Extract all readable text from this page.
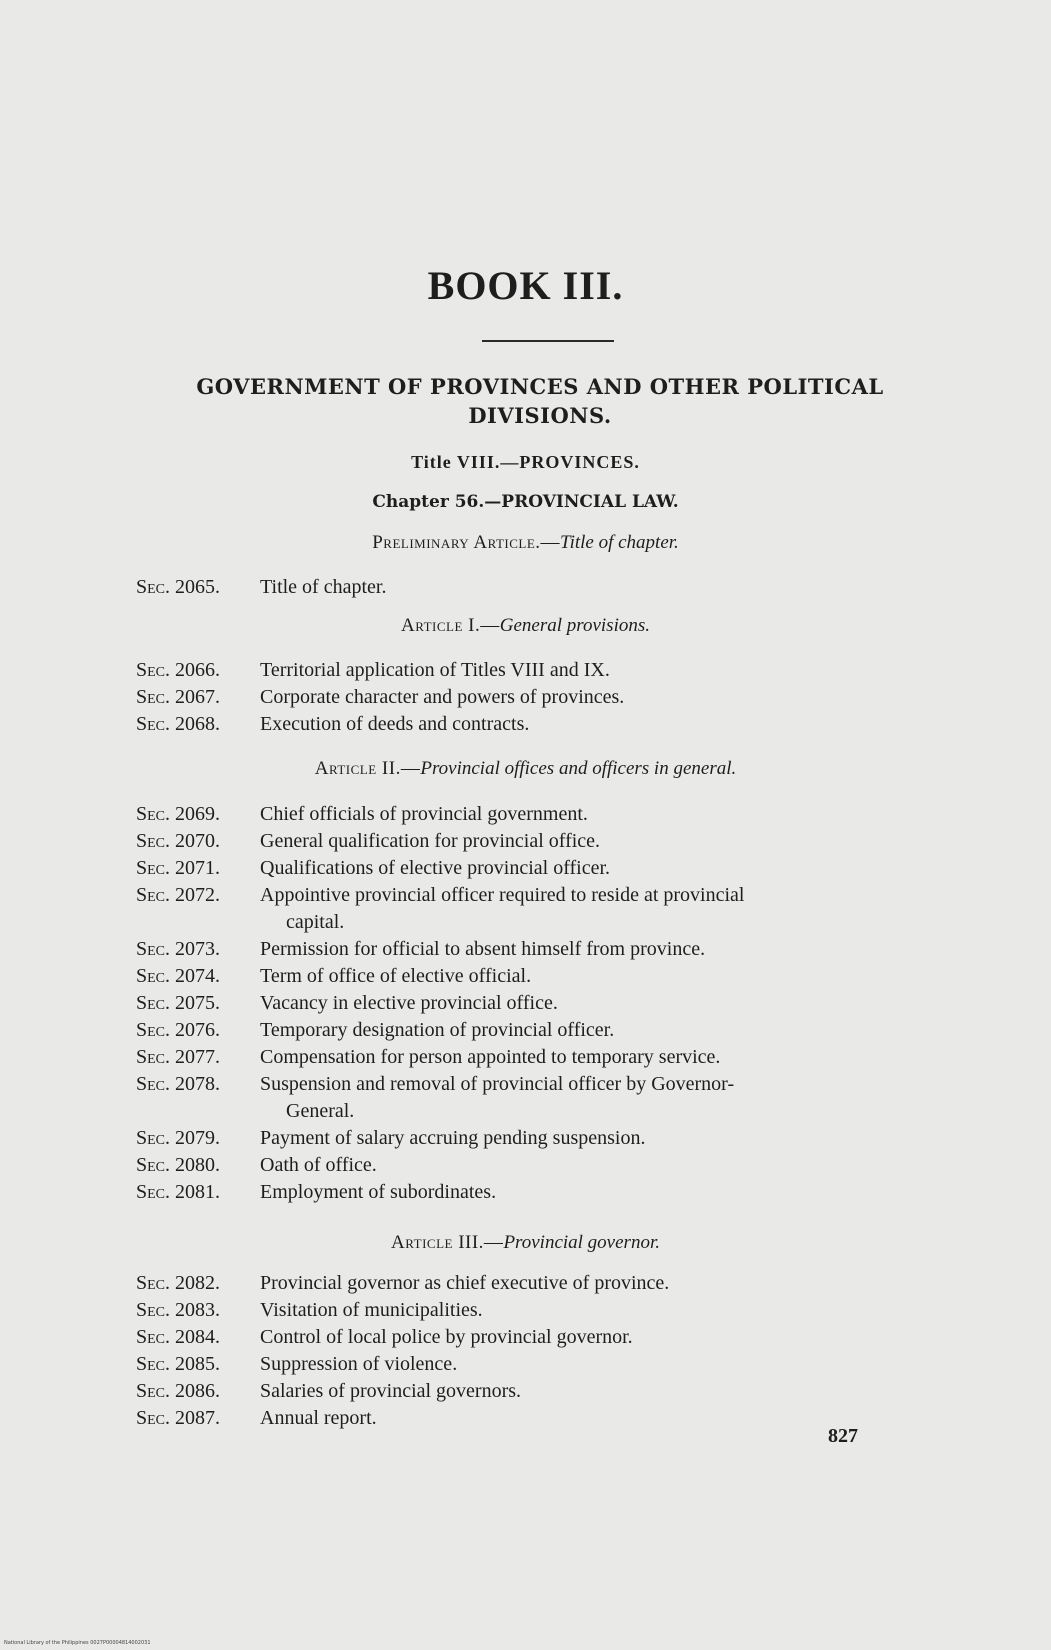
BOOK III.
GOVERNMENT OF PROVINCES AND OTHER POLITICAL DIVISIONS.
Title VIII.—PROVINCES.
Chapter 56.—PROVINCIAL LAW.
Preliminary Article.—Title of chapter.
Sec. 2065. Title of chapter.
Article I.—General provisions.
Sec. 2066. Territorial application of Titles VIII and IX.
Sec. 2067. Corporate character and powers of provinces.
Sec. 2068. Execution of deeds and contracts.
Article II.—Provincial offices and officers in general.
Sec. 2069. Chief officials of provincial government.
Sec. 2070. General qualification for provincial office.
Sec. 2071. Qualifications of elective provincial officer.
Sec. 2072. Appointive provincial officer required to reside at provincial
capital.
Sec. 2073. Permission for official to absent himself from province.
Sec. 2074. Term of office of elective official.
Sec. 2075. Vacancy in elective provincial office.
Sec. 2076. Temporary designation of provincial officer.
Sec. 2077. Compensation for person appointed to temporary service.
Sec. 2078. Suspension and removal of provincial officer by Governor-
General.
Sec. 2079. Payment of salary accruing pending suspension.
Sec. 2080. Oath of office.
Sec. 2081. Employment of subordinates.
Article III.—Provincial governor.
Sec. 2082. Provincial governor as chief executive of province.
Sec. 2083. Visitation of municipalities.
Sec. 2084. Control of local police by provincial governor.
Sec. 2085. Suppression of violence.
Sec. 2086. Salaries of provincial governors.
Sec. 2087. Annual report.
827
National Library of the Philippines 0027P00004814002031
